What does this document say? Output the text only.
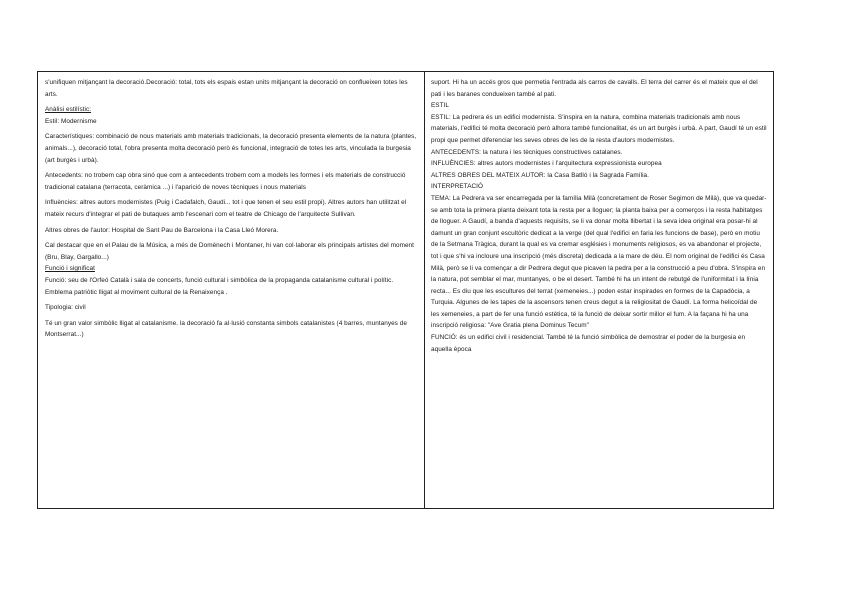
s'unifiquen mitjançant la decoració.Decoració: total, tots els espais estan units mitjançant la decoració on conflueixen totes les arts.

Anàlisi estilístic:

Estil: Modernisme

Característiques: combinació de nous materials amb materials tradicionals, la decoració presenta elements de la natura (plantes, animals...), decoració total, l'obra presenta molta decoració però és funcional, integració de totes les arts, vinculada la burgesia (art burgès i urbà).

Antecedents: no trobem cap obra sinó que com a antecedents trobem com a models les formes i els materials de construcció tradicional catalana (terracota, ceràmica ...) i l'aparició de noves tècniques i nous materials

Influències: altres autors modernistes (Puig i Cadafalch, Gaudi... tot i que tenen el seu estil propi). Altres autors han utilitzat el mateix recurs d'integrar el pati de butaques amb l'escenari com el teatre de Chicago de l'arquitecte Sullivan.

Altres obres de l'autor: Hospital de Sant Pau de Barcelona i la Casa Lleó Morera.

Cal destacar que en el Palau de la Música, a més de Domènech i Montaner, hi van col·laborar els principals artistes del moment (Bru, Blay, Gargallo...)

Funció i significat

Funció: seu de l'Orfeó Català i sala de concerts, funció cultural i simbòlica de la propaganda catalanisme cultural i polític. Emblema patriòtic lligat al moviment cultural de la Renaixença .

Tipologia: civil

Té un gran valor simbòlic lligat al catalanisme. la decoració fa al·lusió constanta simbols catalanistes (4 barres, muntanyes de Montserrat...)

suport. Hi ha un accés gros que permetia l'entrada als carros de cavalls. El terra del carrer és el mateix que el del pati i les baranes condueixen també al pati.

ESTIL

ESTIL: La pedrera és un edifici modernista. S'inspira en la natura, combina materials tradicionals amb nous materials, l'edifici té molta decoració però alhora també funcionalitat, és un art burgès i urbà. A part, Gaudí té un estil propi que permet diferenciar les seves obres de les de la resta d'autors modernistes.

ANTECEDENTS: la natura i les tècniques constructives catalanes.

INFLUÈNCIES: altres autors modernistes i l'arquitectura expressionista europea

ALTRES OBRES DEL MATEIX AUTOR: la Casa Batlló i la Sagrada Família.

INTERPRETACIÓ

TEMA: La Pedrera va ser encarregada per la família Milà (concretament de Roser Segimon de Milà), que va quedar-se amb tota la primera planta deixant tota la resta per a lloguer; la planta baixa per a comerços i la resta habitatges de lloguer. A Gaudí, a banda d'aquests requisits, se li va donar molta llibertat i la seva idea original era posar-hi al damunt un gran conjunt escultòric dedicat a la verge (del qual l'edifici en faria les funcions de base), però en motiu de la Setmana Tràgica, durant la qual es va cremar esglésies i monuments religiosos, es va abandonar el projecte, tot i que s'hi va incloure una inscripció (més discreta) dedicada a la mare de déu. El nom original de l'edifici és Casa Milà, però se li va començar a dir Pedrera degut que picaven la pedra per a la construcció a peu d'obra. S'inspira en la natura, pot semblar el mar, muntanyes, o be el desert. També hi ha un intent de rebutgé de l'uniformitat i la línia recta... Es diu que les escultures del terrat (xemeneies...) poden estar inspirades en formes de la Capadòcia, a Turquia. Algunes de les tapes de la ascensors tenen creus degut a la religiositat de Gaudí. La forma helicoïdal de les xemeneies, a part de fer una funció estètica, té la funció de deixar sortir millor el fum. A la façana hi ha una inscripció religiosa: "Ave Gratia plena Dominus Tecum"

FUNCIÓ: és un edifici civil i residencial. També té la funció simbòlica de demostrar el poder de la burgesia en aquella època
